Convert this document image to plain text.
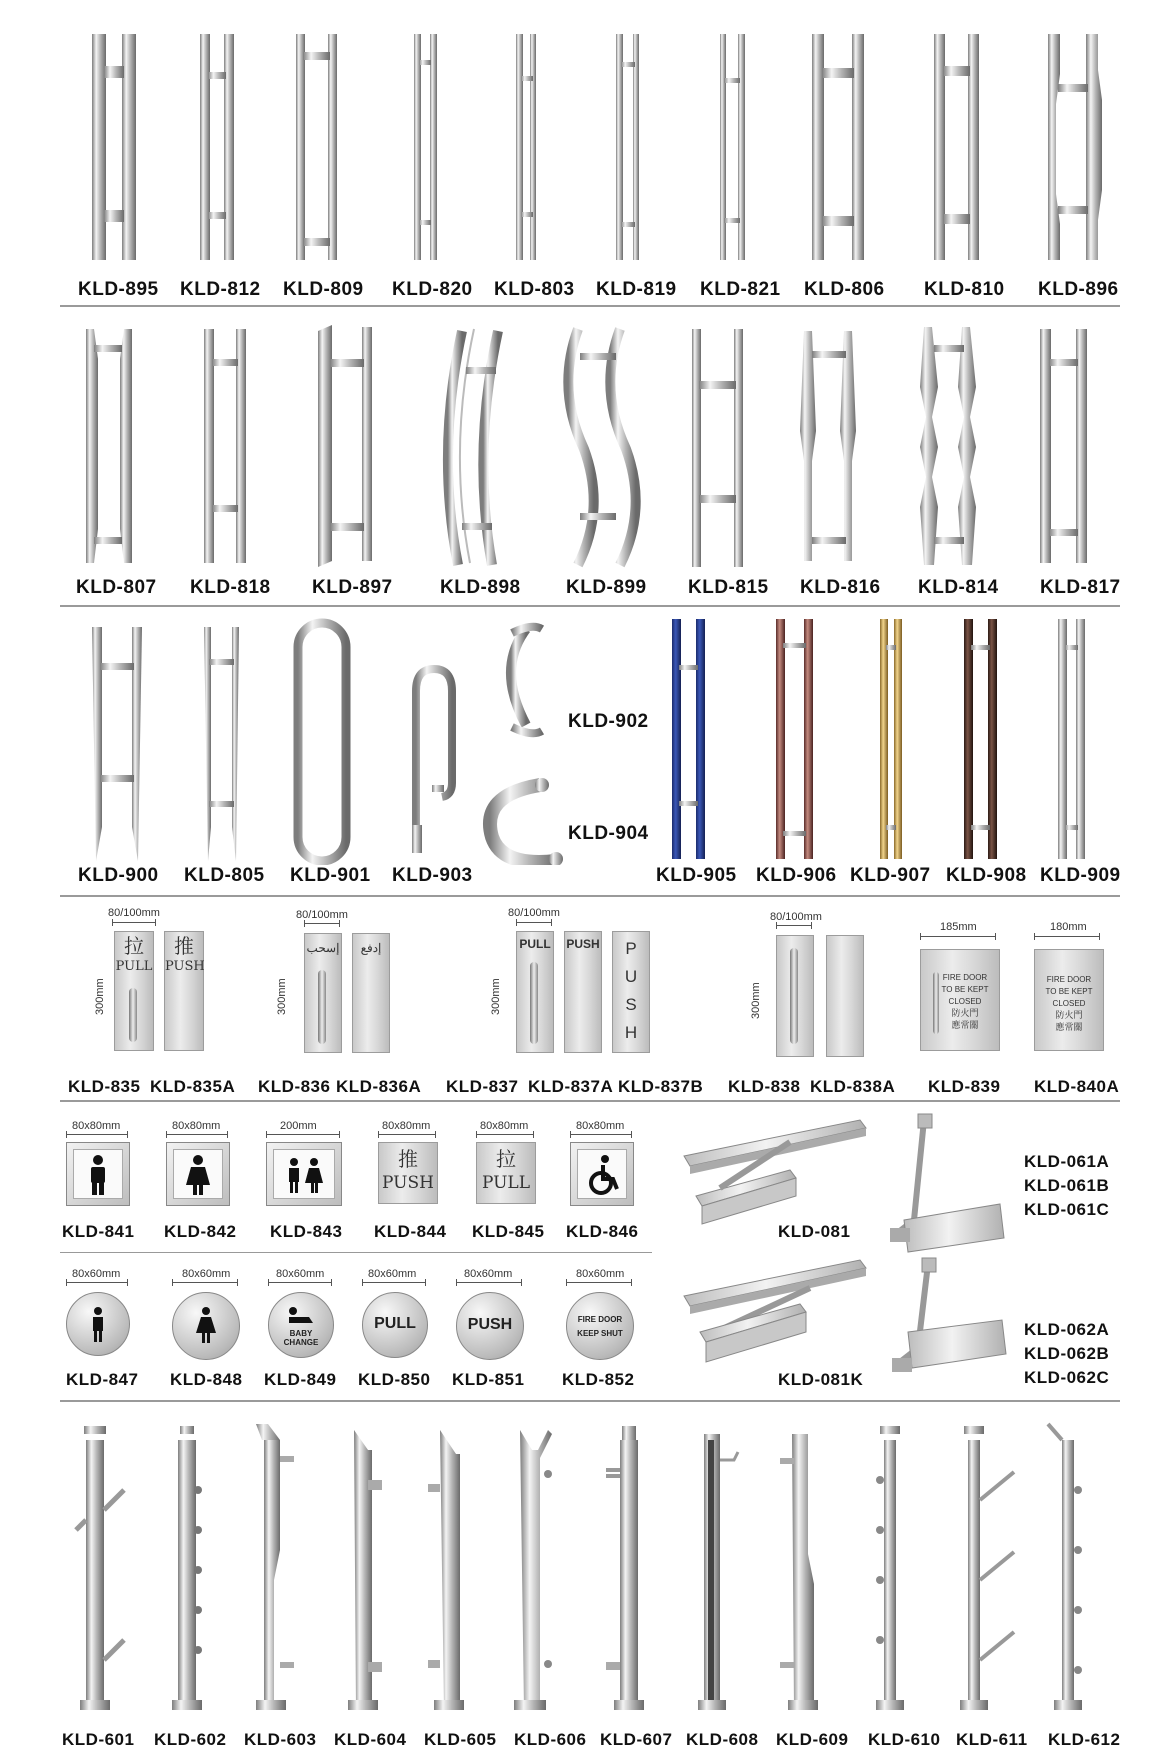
KLD-895 KLD-812 KLD-809 KLD-820 KLD-803 KLD-819 KLD-821 KLD-806 KLD-810 KLD-896
KLD-807 KLD-818 KLD-897 KLD-898 KLD-899 KLD-815 KLD-816 KLD-814 KLD-817
KLD-900 KLD-805 KLD-901 KLD-903
KLD-902
KLD-904
KLD-905 KLD-906 KLD-907 KLD-908 KLD-909
80/100mm
300mm
拉
PULL
推
PUSH
80/100mm
300mm
إسحب	إدفع
80/100mm
300mm
PULL PUSH	P
U
S
H
80/100mm
300mm
185mm
FIRE DOOR
TO BE KEPT
CLOSED
防火門
應常關
180mm
FIRE DOOR
TO BE KEPT
CLOSED
防火門
應常關
KLD-835 KLD-835A KLD-836 KLD-836A KLD-837 KLD-837A KLD-837B KLD-838 KLD-838A KLD-839 KLD-840A
80x80mm	80x80mm	200mm	80x80mm
推
PUSH
80x80mm
拉
PULL
80x80mm
KLD-841 KLD-842 KLD-843 KLD-844 KLD-845 KLD-846
80x60mm	80x60mm	80x60mm
BABY
CHANGE
80x60mm
PULL
80x60mm
PUSH
80x60mm
FIRE DOOR
KEEP SHUT
KLD-847 KLD-848 KLD-849 KLD-850 KLD-851 KLD-852
KLD-081
KLD-081K
KLD-061A
KLD-061B
KLD-061C
KLD-062A
KLD-062B
KLD-062C
KLD-601 KLD-602 KLD-603 KLD-604 KLD-605 KLD-606 KLD-607 KLD-608 KLD-609 KLD-610 KLD-611 KLD-612
